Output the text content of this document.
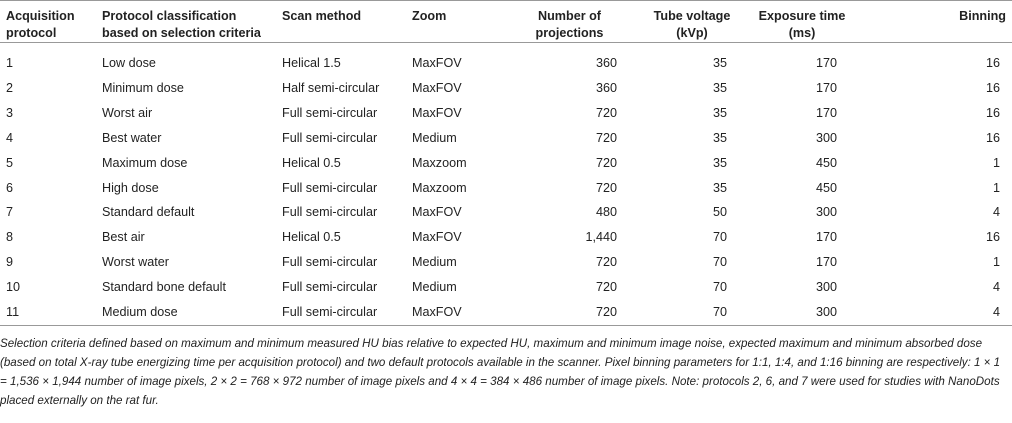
Acquisition protocol	Protocol classification based on selection criteria	Scan method	Zoom	Number of projections	Tube voltage (kVp)	Exposure time (ms)	Binning
1	Low dose	Helical 1.5	MaxFOV	360	35	170	16
2	Minimum dose	Half semi-circular	MaxFOV	360	35	170	16
3	Worst air	Full semi-circular	MaxFOV	720	35	170	16
4	Best water	Full semi-circular	Medium	720	35	300	16
5	Maximum dose	Helical 0.5	Maxzoom	720	35	450	1
6	High dose	Full semi-circular	Maxzoom	720	35	450	1
7	Standard default	Full semi-circular	MaxFOV	480	50	300	4
8	Best air	Helical 0.5	MaxFOV	1,440	70	170	16
9	Worst water	Full semi-circular	Medium	720	70	170	1
10	Standard bone default	Full semi-circular	Medium	720	70	300	4
11	Medium dose	Full semi-circular	MaxFOV	720	70	300	4
Selection criteria defined based on maximum and minimum measured HU bias relative to expected HU, maximum and minimum image noise, expected maximum and minimum absorbed dose (based on total X-ray tube energizing time per acquisition protocol) and two default protocols available in the scanner. Pixel binning parameters for 1:1, 1:4, and 1:16 binning are respectively: 1 × 1 = 1,536 × 1,944 number of image pixels, 2 × 2 = 768 × 972 number of image pixels and 4 × 4 = 384 × 486 number of image pixels. Note: protocols 2, 6, and 7 were used for studies with NanoDots placed externally on the rat fur.
